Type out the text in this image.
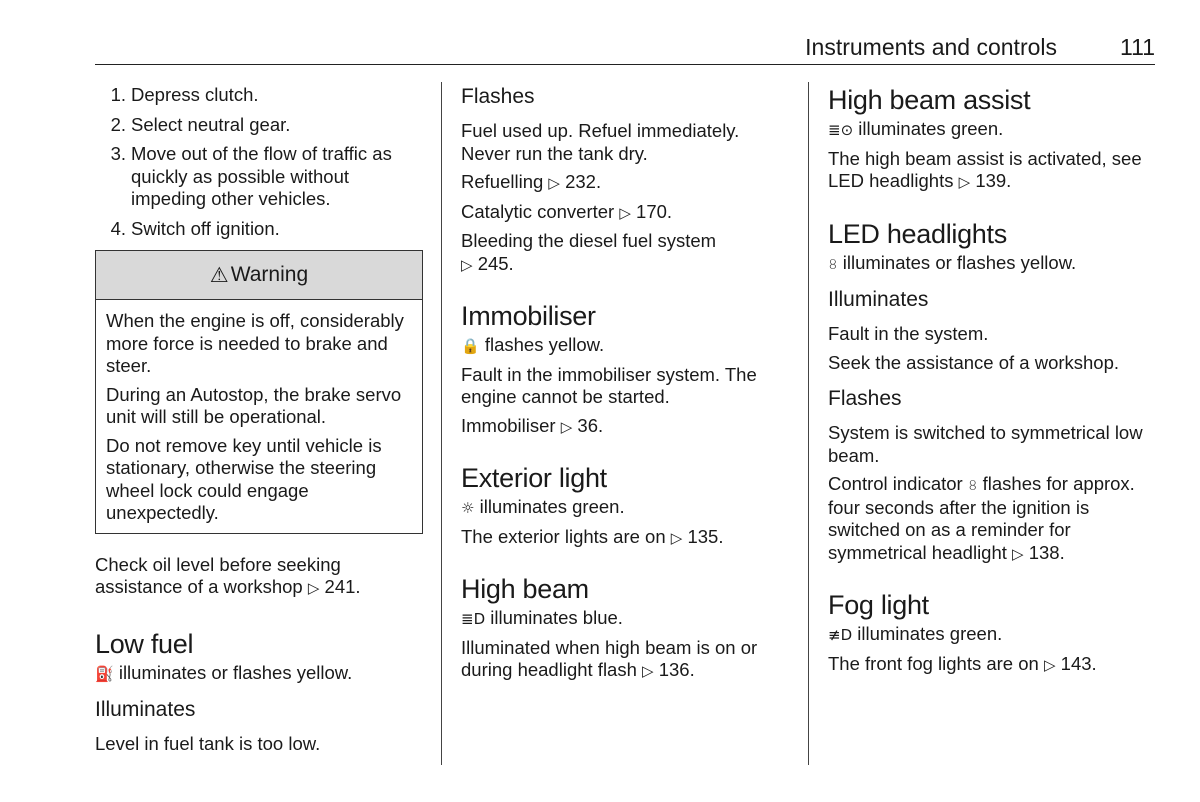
Instruments and controls	111
1. Depress clutch.
2. Select neutral gear.
3. Move out of the flow of traffic as quickly as possible without impeding other vehicles.
4. Switch off ignition.
⚠ Warning

When the engine is off, considerably more force is needed to brake and steer.

During an Autostop, the brake servo unit will still be operational.

Do not remove key until vehicle is stationary, otherwise the steering wheel lock could engage unexpectedly.

Check oil level before seeking assistance of a workshop ▷ 241.

Low fuel

⛽ illuminates or flashes yellow.

Illuminates

Level in fuel tank is too low.

Flashes

Fuel used up. Refuel immediately. Never run the tank dry.

Refuelling ▷ 232.

Catalytic converter ▷ 170.

Bleeding the diesel fuel system
▷ 245.

Immobiliser

🔒 flashes yellow.

Fault in the immobiliser system. The engine cannot be started.

Immobiliser ▷ 36.

Exterior light

☼ illuminates green.

The exterior lights are on ▷ 135.

High beam

≣D illuminates blue.

Illuminated when high beam is on or during headlight flash ▷ 136.

High beam assist

≣⊙ illuminates green.

The high beam assist is activated, see LED headlights ▷ 139.

LED headlights

𝟾 illuminates or flashes yellow.

Illuminates

Fault in the system.

Seek the assistance of a workshop.

Flashes

System is switched to symmetrical low beam.

Control indicator 𝟾 flashes for approx. four seconds after the ignition is switched on as a reminder for symmetrical headlight ▷ 138.

Fog light

≢D illuminates green.

The front fog lights are on ▷ 143.
